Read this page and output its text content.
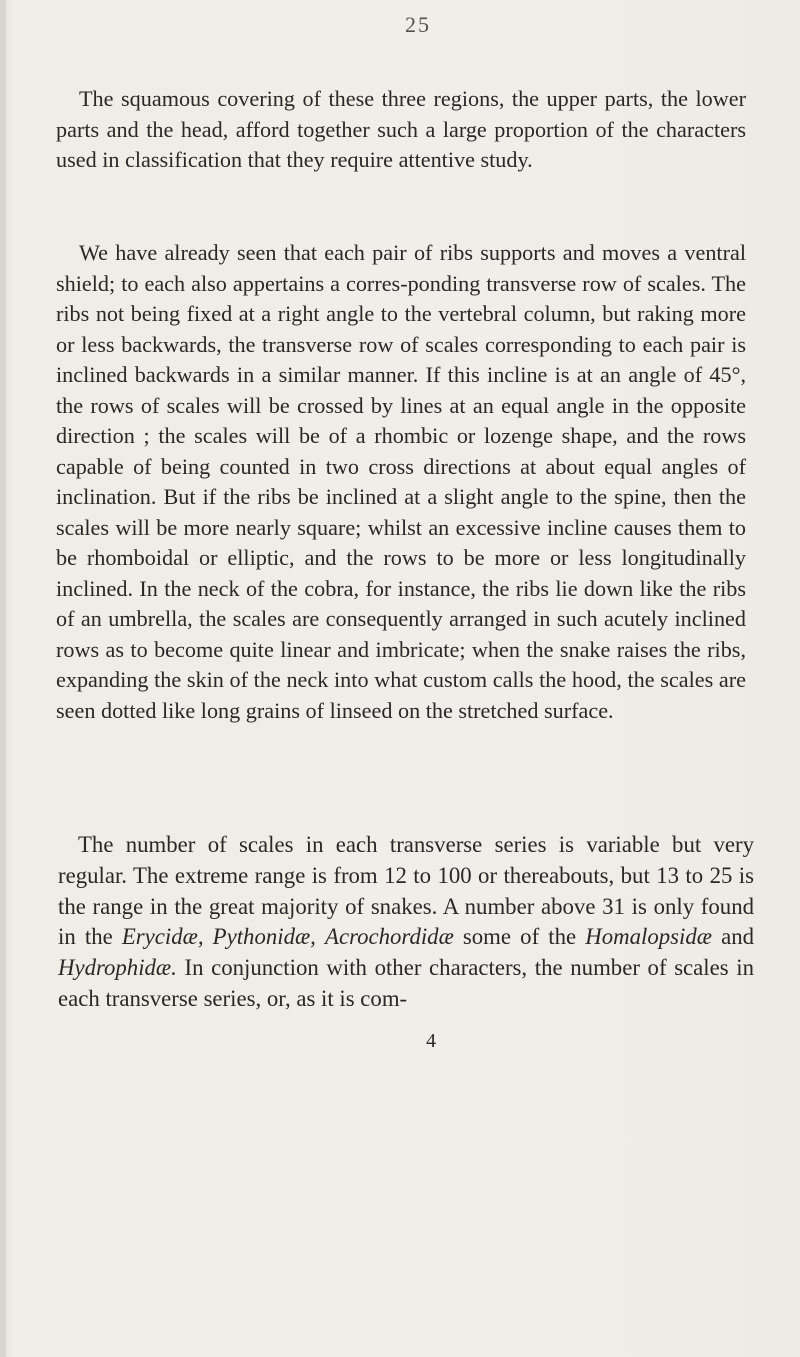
25

The squamous covering of these three regions, the upper parts, the lower parts and the head, afford together such a large proportion of the characters used in classification that they require attentive study.

We have already seen that each pair of ribs supports and moves a ventral shield; to each also appertains a corres-ponding transverse row of scales. The ribs not being fixed at a right angle to the vertebral column, but raking more or less backwards, the transverse row of scales corresponding to each pair is inclined backwards in a similar manner. If this incline is at an angle of 45°, the rows of scales will be crossed by lines at an equal angle in the opposite direction ; the scales will be of a rhombic or lozenge shape, and the rows capable of being counted in two cross directions at about equal angles of inclination. But if the ribs be inclined at a slight angle to the spine, then the scales will be more nearly square; whilst an excessive incline causes them to be rhomboidal or elliptic, and the rows to be more or less longitudinally inclined. In the neck of the cobra, for instance, the ribs lie down like the ribs of an umbrella, the scales are consequently arranged in such acutely inclined rows as to become quite linear and imbricate; when the snake raises the ribs, expanding the skin of the neck into what custom calls the hood, the scales are seen dotted like long grains of linseed on the stretched surface.

The number of scales in each transverse series is variable but very regular. The extreme range is from 12 to 100 or thereabouts, but 13 to 25 is the range in the great majority of snakes. A number above 31 is only found in the Erycidæ, Pythonidæ, Acrochordidæ some of the Homalopsidæ and Hydrophidæ. In conjunction with other characters, the number of scales in each transverse series, or, as it is com-

4
